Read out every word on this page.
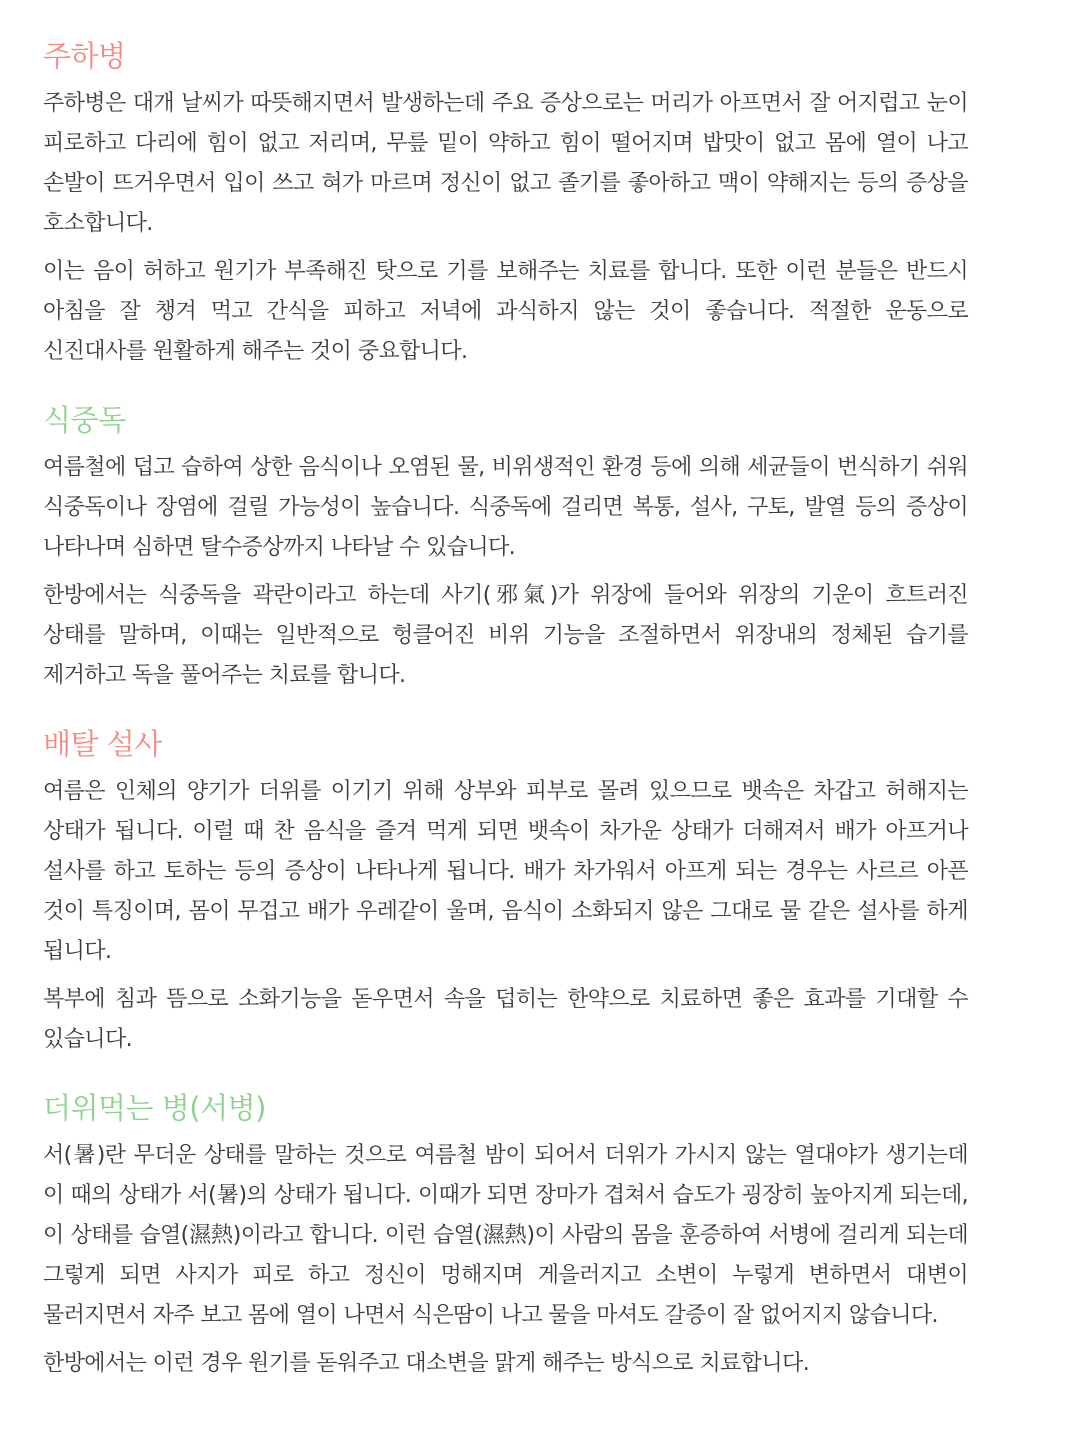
주하병

주하병은 대개 날씨가 따뜻해지면서 발생하는데 주요 증상으로는 머리가 아프면서 잘 어지럽고 눈이 피로하고 다리에 힘이 없고 저리며, 무릎 밑이 약하고 힘이 떨어지며 밥맛이 없고 몸에 열이 나고 손발이 뜨거우면서 입이 쓰고 혀가 마르며 정신이 없고 졸기를 좋아하고 맥이 약해지는 등의 증상을 호소합니다.

이는 음이 허하고 원기가 부족해진 탓으로 기를 보해주는 치료를 합니다. 또한 이런 분들은 반드시 아침을 잘 챙겨 먹고 간식을 피하고 저녁에 과식하지 않는 것이 좋습니다. 적절한 운동으로 신진대사를 원활하게 해주는 것이 중요합니다.

식중독

여름철에 덥고 습하여 상한 음식이나 오염된 물, 비위생적인 환경 등에 의해 세균들이 번식하기 쉬워 식중독이나 장염에 걸릴 가능성이 높습니다. 식중독에 걸리면 복통, 설사, 구토, 발열 등의 증상이 나타나며 심하면 탈수증상까지 나타날 수 있습니다.

한방에서는 식중독을 곽란이라고 하는데 사기(邪氣)가 위장에 들어와 위장의 기운이 흐트러진 상태를 말하며, 이때는 일반적으로 헝클어진 비위 기능을 조절하면서 위장내의 정체된 습기를 제거하고 독을 풀어주는 치료를 합니다.

배탈 설사

여름은 인체의 양기가 더위를 이기기 위해 상부와 피부로 몰려 있으므로 뱃속은 차갑고 허해지는 상태가 됩니다. 이럴 때 찬 음식을 즐겨 먹게 되면 뱃속이 차가운 상태가 더해져서 배가 아프거나 설사를 하고 토하는 등의 증상이 나타나게 됩니다. 배가 차가워서 아프게 되는 경우는 사르르 아픈 것이 특징이며, 몸이 무겁고 배가 우레같이 울며, 음식이 소화되지 않은 그대로 물 같은 설사를 하게 됩니다.

복부에 침과 뜸으로 소화기능을 돋우면서 속을 덥히는 한약으로 치료하면 좋은 효과를 기대할 수 있습니다.

더위먹는 병(서병)

서(暑)란 무더운 상태를 말하는 것으로 여름철 밤이 되어서 더위가 가시지 않는 열대야가 생기는데 이 때의 상태가 서(暑)의 상태가 됩니다. 이때가 되면 장마가 겹쳐서 습도가 굉장히 높아지게 되는데, 이 상태를 습열(濕熱)이라고 합니다. 이런 습열(濕熱)이 사람의 몸을 훈증하여 서병에 걸리게 되는데 그렇게 되면 사지가 피로 하고 정신이 멍해지며 게을러지고 소변이 누렇게 변하면서 대변이 물러지면서 자주 보고 몸에 열이 나면서 식은땀이 나고 물을 마셔도 갈증이 잘 없어지지 않습니다.

한방에서는 이런 경우 원기를 돋워주고 대소변을 맑게 해주는 방식으로 치료합니다.
